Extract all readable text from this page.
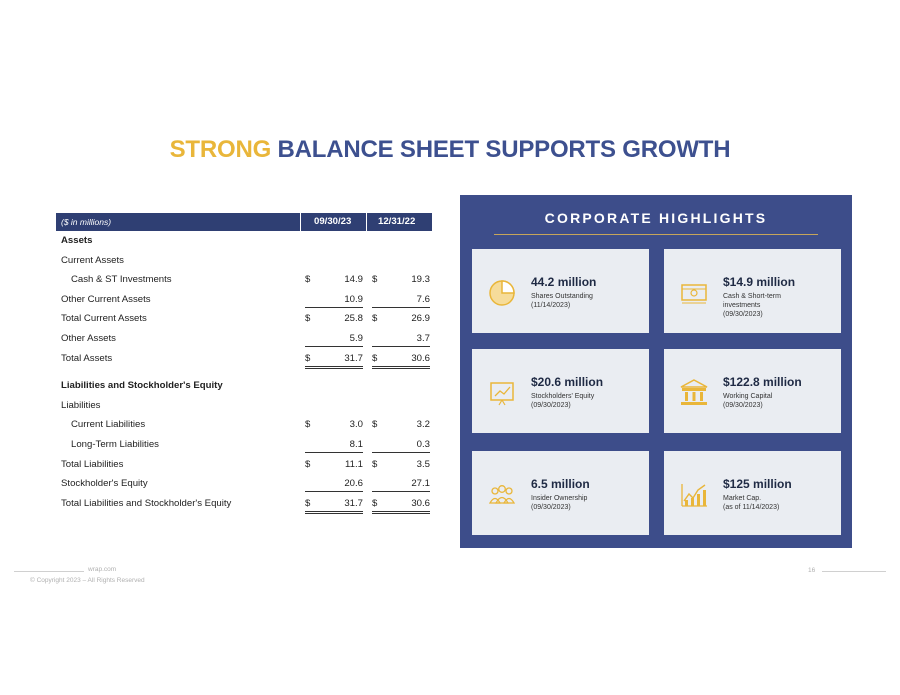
STRONG BALANCE SHEET SUPPORTS GROWTH
($ in millions)	09/30/23	12/31/22
Assets
Current Assets
Cash & ST Investments	$	14.9 $	19.3
Other Current Assets	10.9	7.6
Total Current Assets	$	25.8 $	26.9
Other Assets	5.9	3.7
Total Assets	$	31.7 $	30.6
Liabilities and Stockholder's Equity
Liabilities
Current Liabilities	$	3.0 $	3.2
Long-Term Liabilities	8.1	0.3
Total Liabilities	$	11.1 $	3.5
Stockholder's Equity	20.6	27.1
Total Liabilities and Stockholder's Equity	$	31.7 $	30.6
CORPORATE HIGHLIGHTS
44.2 million
Shares Outstanding
(11/14/2023)
$14.9 million
Cash & Short-term
investments
(09/30/2023)
$20.6 million
Stockholders' Equity
(09/30/2023)
$122.8 million
Working Capital
(09/30/2023)
6.5 million
Insider Ownership
(09/30/2023)
$125 million
Market Cap.
(as of 11/14/2023)
wrap.com
© Copyright 2023 – All Rights Reserved
16
